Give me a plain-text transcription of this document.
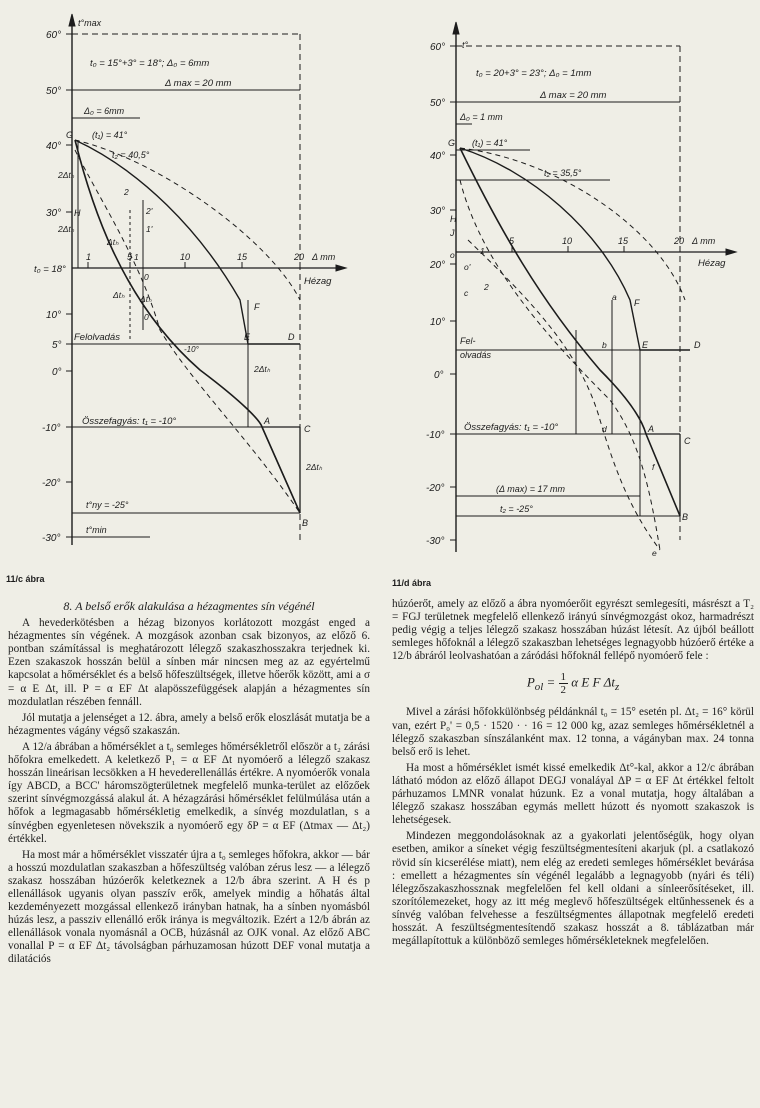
60°
50°
40°
30°
10°
5°
0°
-10°
-20°
-30°
t°max
t°min
t₀ = 15°+3° = 18°; Δ₀ = 6mm
Δ max = 20 mm
Δ₀ = 6mm
(t₁) = 41°
t₂ = 40,5°
t₀ = 18°
1	5	10	15	20 Δ mm
Hézag
Felolvadás
Összefagyás: t₁ = -10°
t°ny = -25°
2Δtₕ
2Δtₕ
Δtₕ
Δtₕ Δtₕ
2Δtₕ
2Δtₕ
G
H
A
B
C
D
E
F
2
2'
1'
1
0
0'
-10°
11/c ábra
60°
50°
40°
30°
20°
10°
0°
-10°
-20°
-30°
t°
t₀ = 20+3° = 23°; Δ₀ = 1mm
Δ max = 20 mm
Δ₀ = 1 mm
(t₁) = 41°
t₂ = 35,5°
5	10	15	20 Δ mm
Hézag
Fel-
olvadás
Összefagyás: t₁ = -10°
(Δ max) = 17 mm
t₂ = -25°
G
H
J
A
B
C
D
E
F
a
b
c
d
e
f
o
o'
1
2
11/d ábra
8. A belső erők alakulása a hézagmentes sín végénél

A hevederkötésben a hézag bizonyos korlátozott mozgást enged a hézagmentes sín végének. A mozgások azonban csak bizonyos, az előző 6. pontban számítással is meghatározott lélegző szakaszhosszakra terjednek ki. Ezen szakaszok hosszán belül a sínben már nincsen meg az az egyértelmű kapcsolat a hőmérséklet és a belső hőfeszültségek, illetve hőerők között, ami a σ = α E Δt, ill. P = α EF Δt alapösszefüggések alapján a hézagmentes sín mozdulatlan részében fennáll.

Jól mutatja a jelenséget a 12. ábra, amely a belső erők eloszlását mutatja be a hézagmentes vágány végső szakaszán.

A 12/a ábrában a hőmérséklet a t₀ semleges hőmérsékletről először a t₂ zárási hőfokra emelkedett. A keletkező P₁ = α EF Δt nyomóerő a lélegző szakasz hosszán lineárisan lecsökken a H hevederellenállás értékre. A nyomóerők vonala így ABCD, a BCC' háromszögterületnek megfelelő munka-terület az előzőek szerint sínvégmozgássá alakul át. A hézagzárási hőmérséklet felülmúlása után a hőfok a legmagasabb hőmérsékletig emelkedik, a sínvég mozdulatlan, s a sínvégben egyenletesen növekszik a nyomóerő egy δP = α EF (Δtmax — Δt₂) értékkel.

Ha most már a hőmérséklet visszatér újra a t₀ semleges hőfokra, akkor — bár a hosszú mozdulatlan szakaszban a hőfeszültség valóban zérus lesz — a lélegző szakasz hosszában húzóerők keletkeznek a 12/b ábra szerint. A H és p ellenállások ugyanis olyan passzív erők, amelyek mindig a hőhatás által kezdeményezett mozgással ellenkező irányban hatnak, ha a sínben nyomásból húzás lesz, a passziv ellenálló erők iránya is megváltozik. Ezért a 12/b ábrán az ellenállások vonala nyomásnál a OCB, húzásnál az OJK vonal. Az előző ABC vonallal P = α EF Δt₂ távolságban párhuzamosan húzott DEF vonal mutatja a dilatációs

húzóerőt, amely az előző a ábra nyomóerőit egyrészt semlegesíti, másrészt a T₂ = FGJ területnek megfelelő ellenkező irányú sínvégmozgást okoz, harmadrészt pedig végig a teljes lélegző szakasz hosszában húzást létesít. Az újból beállott semleges hőfoknál a lélegző szakaszban lehetséges legnagyobb húzóerő értéke a 12/b ábráról leolvashatóan a záródási hőfoknál fellépő nyomóerő fele :

$P_{ol} = \frac{1}{2}$ α E F $\Delta t_z$

Mivel a zárási hőfokkülönbség példánknál t₀ = 15° esetén pl. Δt₂ = 16° körül van, ezért P₀' = 0,5 · 1520 · · 16 = 12 000 kg, azaz semleges hőmérsékletnél a lélegző szakaszban sínszálanként max. 12 tonna, a vágányban max. 24 tonna belső erő is lehet.

Ha most a hőmérséklet ismét kissé emelkedik Δt°-kal, akkor a 12/c ábrában látható módon az előző állapot DEGJ vonaláyal ΔP = α EF Δt értékkel feltolt párhuzamos LMNR vonalat húzunk. Ez a vonal mutatja, hogy általában a lélegző szakasz hosszában egymás mellett húzott és nyomott szakaszok is lehetségesek.

Mindezen meggondolásoknak az a gyakorlati jelentőségük, hogy olyan esetben, amikor a síneket végig feszültségmentesíteni akarjuk (pl. a csatlakozó rövid sín kicserélése miatt), nem elég az eredeti semleges hőmérséklet bevárása : emellett a hézagmentes sín végénél legalább a legnagyobb (nyári és téli) lélegzőszakaszhossznak megfelelően fel kell oldani a sínleerősítéseket, ill. szorítólemezeket, hogy az itt még meglevő hőfeszültségek eltűnhessenek és a sínvég valóban felvehesse a feszültségmentes állapotnak megfelelő eredeti hosszát. A feszültségmentesítendő szakasz hosszát a 8. táblázatban már megállapítottuk a különböző semleges hőmérsékleteknek megfelelően.
